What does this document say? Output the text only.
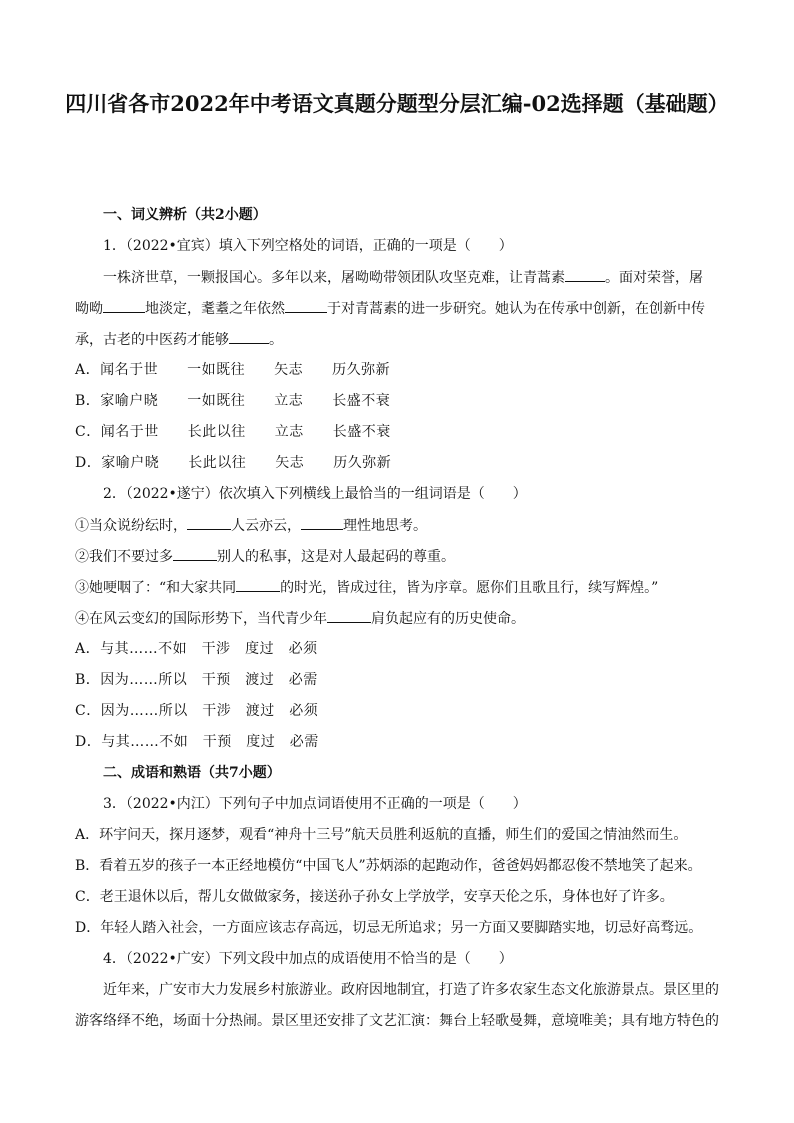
四川省各市2022年中考语文真题分题型分层汇编-02选择题（基础题）
一、词义辨析（共2小题）
1．（2022•宜宾）填入下列空格处的词语，正确的一项是（　　）
一株济世草，一颗报国心。多年以来，屠呦呦带领团队攻坚克难，让青蒿素	。面对荣誉，屠
呦呦	地淡定，耄耋之年依然	于对青蒿素的进一步研究。她认为在传承中创新，在创新中传
承，古老的中医药才能够	。
A．闻名于世　　一如既往　　矢志　　历久弥新
B．家喻户晓　　一如既往　　立志　　长盛不衰
C．闻名于世　　长此以往　　立志　　长盛不衰
D．家喻户晓　　长此以往　　矢志　　历久弥新
2．（2022•遂宁）依次填入下列横线上最恰当的一组词语是（　　）
①当众说纷纭时，	人云亦云，	理性地思考。
②我们不要过多	别人的私事，这是对人最起码的尊重。
③她哽咽了：“和大家共同	的时光，皆成过往，皆为序章。愿你们且歌且行，续写辉煌。”
④在风云变幻的国际形势下，当代青少年	肩负起应有的历史使命。
A．与其……不如　干涉　度过　必须
B．因为……所以　干预　渡过　必需
C．因为……所以　干涉　渡过　必须
D．与其……不如　干预　度过　必需
二、成语和熟语（共7小题）
3．（2022•内江）下列句子中加点词语使用不正确的一项是（　　）
A．环宇问天，探月逐梦，观看“神舟十三号”航天员胜利返航的直播，师生们的爱国之情油然而生。
B．看着五岁的孩子一本正经地模仿“中国飞人”苏炳添的起跑动作，爸爸妈妈都忍俊不禁地笑了起来。
C．老王退休以后，帮儿女做做家务，接送孙子孙女上学放学，安享天伦之乐，身体也好了许多。
D．年轻人踏入社会，一方面应该志存高远，切忌无所追求；另一方面又要脚踏实地，切忌好高骛远。
4．（2022•广安）下列文段中加点的成语使用不恰当的是（　　）
近年来，广安市大力发展乡村旅游业。政府因地制宜，打造了许多农家生态文化旅游景点。景区里的
游客络绎不绝，场面十分热闹。景区里还安排了文艺汇演：舞台上轻歌曼舞，意境唯美；具有地方特色的
